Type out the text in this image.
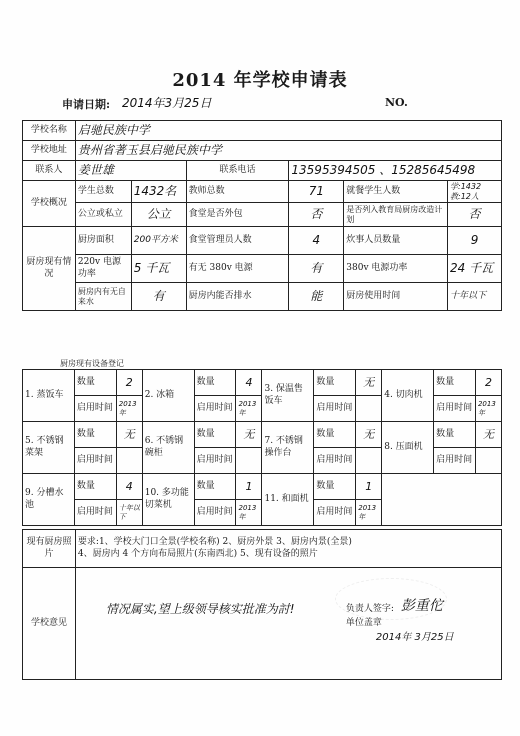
2014 年学校申请表
申请日期: 2014年3月25日	NO.
学校名称	启驰民族中学					
学校地址	贵州省著玉县启驰民族中学					
联系人	姜世雄		联系电话	13595394505 、15285645498		
学校概况	学生总数	1432名	教师总数	71	就餐学生人数	学:1432 教:12人
	公立或私立	公立	食堂是否外包	否	是否列入教育局厨房改造计划	否
厨房现有情况	厨房面积	200平方米	食堂管理员人数	4	炊事人员数量	9
	220v 电源功率	5 千瓦	有无 380v 电源	有	380v 电源功率	24 千瓦
	厨房内有无自来水	有	厨房内能否排水	能	厨房使用时间	十年以下
厨房现有设备登记
1. 蒸饭车	数量	2	2. 冰箱	数量	4	3. 保温售饭车	数量	无	4. 切肉机	数量	2
	启用时间	2013年		启用时间	2013年		启用时间			启用时间	2013年
5. 不锈钢菜架	数量	无	6. 不锈钢碗柜	数量	无	7. 不锈钢操作台	数量	无	8. 压面机	数量	无
	启用时间			启用时间			启用时间			启用时间	
9. 分槽水池	数量	4	10. 多功能切菜机	数量	1	11. 和面机	数量	1			
	启用时间	十年以下		启用时间	2013年		启用时间	2013年			
现有厨房照片	
要求:1、学校大门口全景(学校名称) 2、厨房外景 3、厨房内景(全景)
4、厨房内 4 个方向布局照片(东南西北) 5、现有设备的照片
学校意见	
情况属实,望上级领导核实批准为討!	负责人签字: 彭重佗
单位盖章
2014年 3月25日
